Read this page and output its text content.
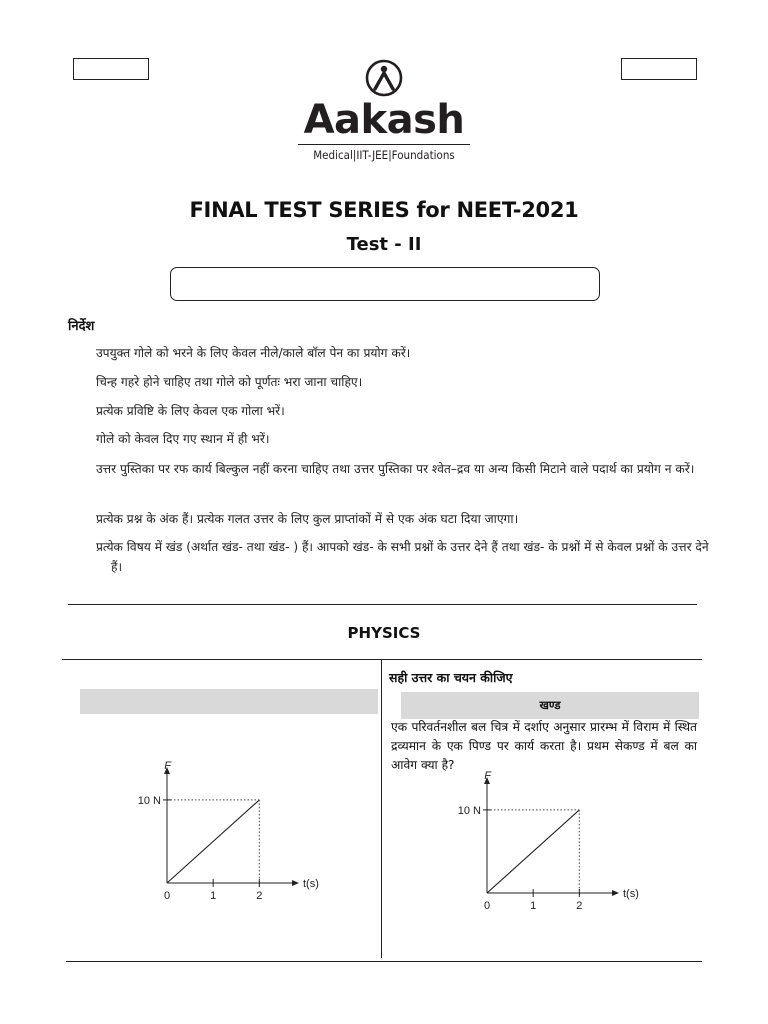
Aakash
Medical|IIT-JEE|Foundations
FINAL TEST SERIES for NEET-2021
Test - II
निर्देश
उपयुक्त गोले को भरने के लिए केवल नीले/काले बॉल पेन का प्रयोग करें।
चिन्ह गहरे होने चाहिए तथा गोले को पूर्णतः भरा जाना चाहिए।
प्रत्येक प्रविष्टि के लिए केवल एक गोला भरें।
गोले को केवल दिए गए स्थान में ही भरें।
उत्तर पुस्तिका पर रफ कार्य बिल्कुल नहीं करना चाहिए तथा उत्तर पुस्तिका पर श्वेत–द्रव या अन्य किसी मिटाने वाले पदार्थ का प्रयोग न करें।
प्रत्येक प्रश्न के अंक हैं। प्रत्येक गलत उत्तर के लिए कुल प्राप्तांकों में से एक अंक घटा दिया जाएगा।
प्रत्येक विषय में खंड (अर्थात खंड- तथा खंड- ) हैं। आपको खंड- के सभी प्रश्नों के उत्तर देने हैं तथा खंड- के प्रश्नों में से केवल प्रश्नों के उत्तर देने हैं।
PHYSICS
F
t(s)
0	1	2
10 N
सही उत्तर का चयन कीजिए
खण्ड
एक परिवर्तनशील बल चित्र में दर्शाए अनुसार प्रारम्भ में विराम में स्थित द्रव्यमान के एक पिण्ड पर कार्य करता है। प्रथम सेकण्ड में बल का आवेग क्या है?
F
t(s)
0	1	2
10 N
